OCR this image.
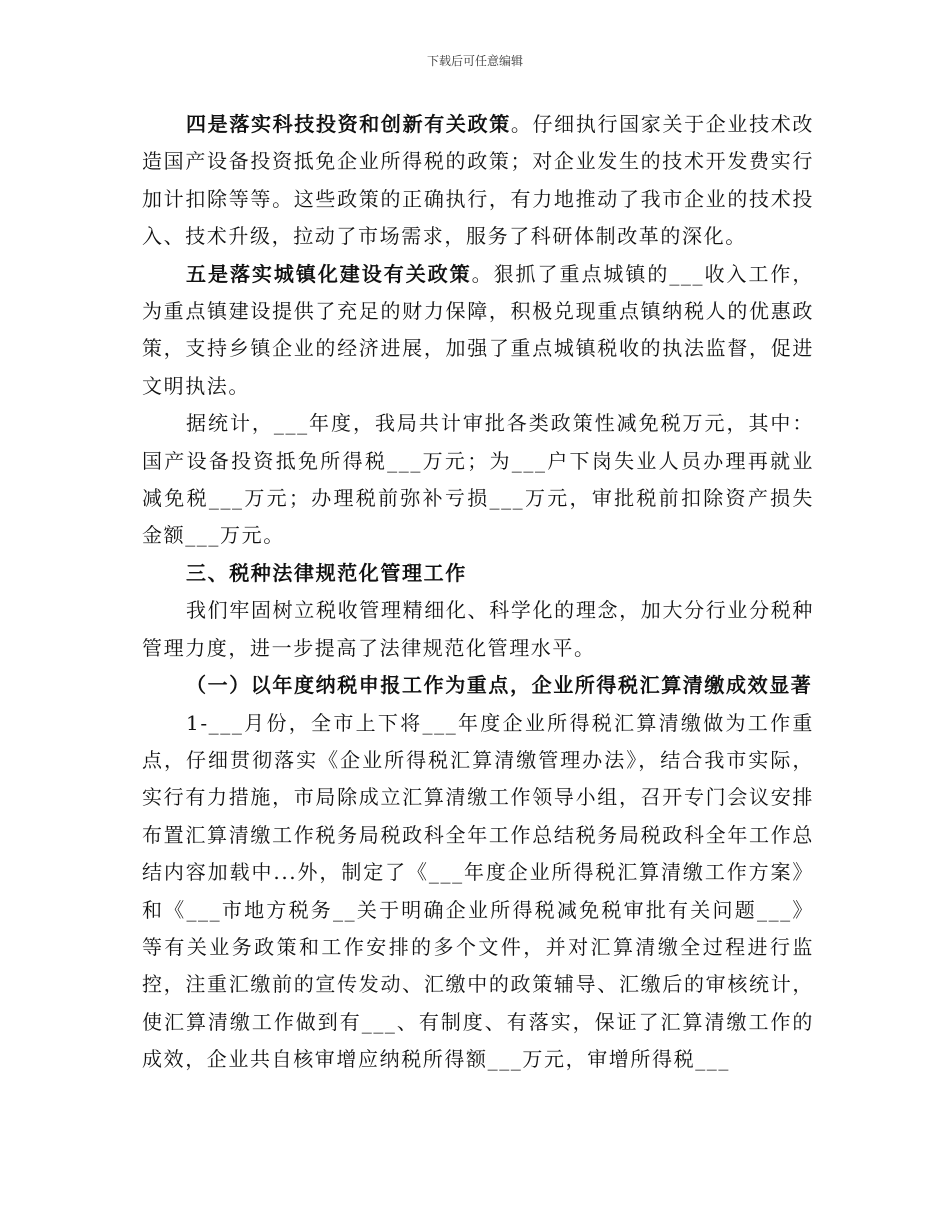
下载后可任意编辑

四是落实科技投资和创新有关政策。仔细执行国家关于企业技术改造国产设备投资抵免企业所得税的政策；对企业发生的技术开发费实行加计扣除等等。这些政策的正确执行，有力地推动了我市企业的技术投入、技术升级，拉动了市场需求，服务了科研体制改革的深化。

五是落实城镇化建设有关政策。狠抓了重点城镇的___收入工作，为重点镇建设提供了充足的财力保障，积极兑现重点镇纳税人的优惠政策，支持乡镇企业的经济进展，加强了重点城镇税收的执法监督，促进文明执法。

据统计，___年度，我局共计审批各类政策性减免税万元，其中：国产设备投资抵免所得税___万元；为___户下岗失业人员办理再就业减免税___万元；办理税前弥补亏损___万元，审批税前扣除资产损失金额___万元。

三、税种法律规范化管理工作

我们牢固树立税收管理精细化、科学化的理念，加大分行业分税种管理力度，进一步提高了法律规范化管理水平。

（一）以年度纳税申报工作为重点，企业所得税汇算清缴成效显著

1-___月份，全市上下将___年度企业所得税汇算清缴做为工作重点，仔细贯彻落实《企业所得税汇算清缴管理办法》，结合我市实际，实行有力措施，市局除成立汇算清缴工作领导小组，召开专门会议安排布置汇算清缴工作税务局税政科全年工作总结税务局税政科全年工作总结内容加载中...外，制定了《___年度企业所得税汇算清缴工作方案》和《___市地方税务__关于明确企业所得税减免税审批有关问题___》等有关业务政策和工作安排的多个文件，并对汇算清缴全过程进行监控，注重汇缴前的宣传发动、汇缴中的政策辅导、汇缴后的审核统计，使汇算清缴工作做到有___、有制度、有落实，保证了汇算清缴工作的成效，企业共自核审增应纳税所得额___万元，审增所得税___
